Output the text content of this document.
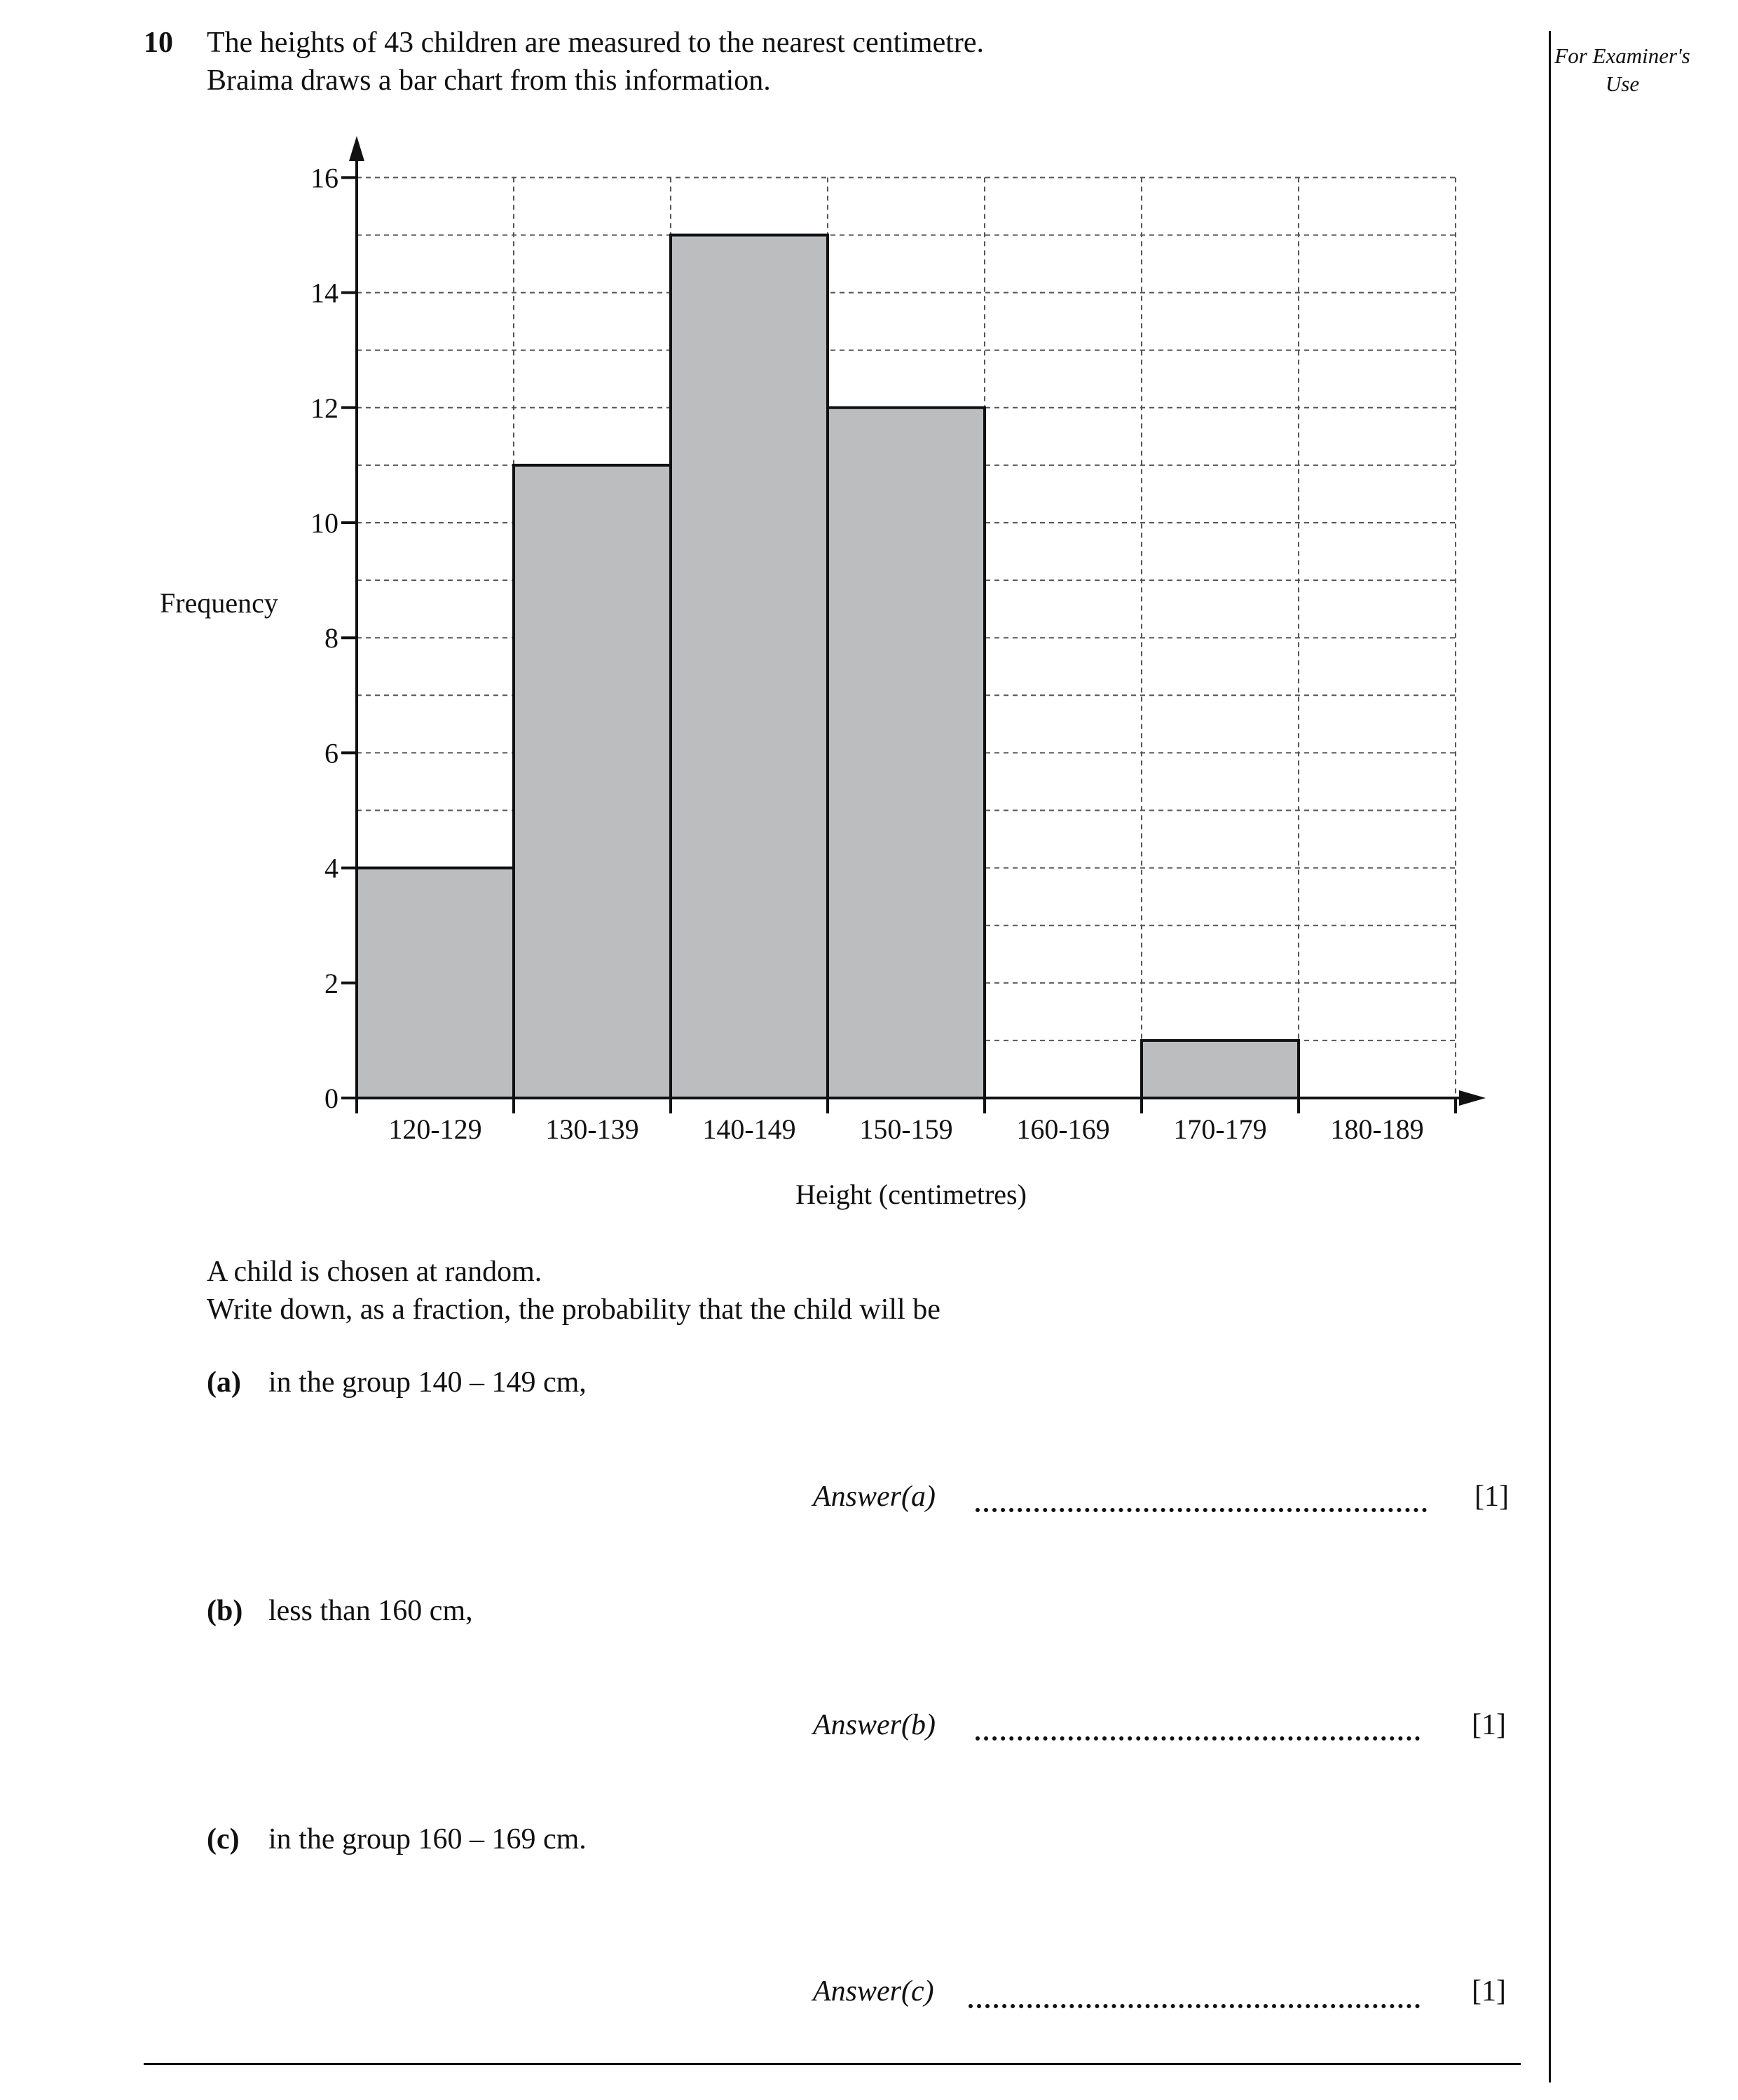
10 The heights of 43 children are measured to the nearest centimetre.
Braima draws a bar chart from this information.
For Examiner's Use
0
2
4
6
8
10
12
14
16
120-129 130-139 140-149 150-159 160-169 170-179 180-189
Frequency
Height (centimetres)
A child is chosen at random.
Write down, as a fraction, the probability that the child will be
(a) in the group 140 – 149 cm,
Answer(a)	[1]
(b) less than 160 cm,
Answer(b)	[1]
(c) in the group 160 – 169 cm.
Answer(c)	[1]
